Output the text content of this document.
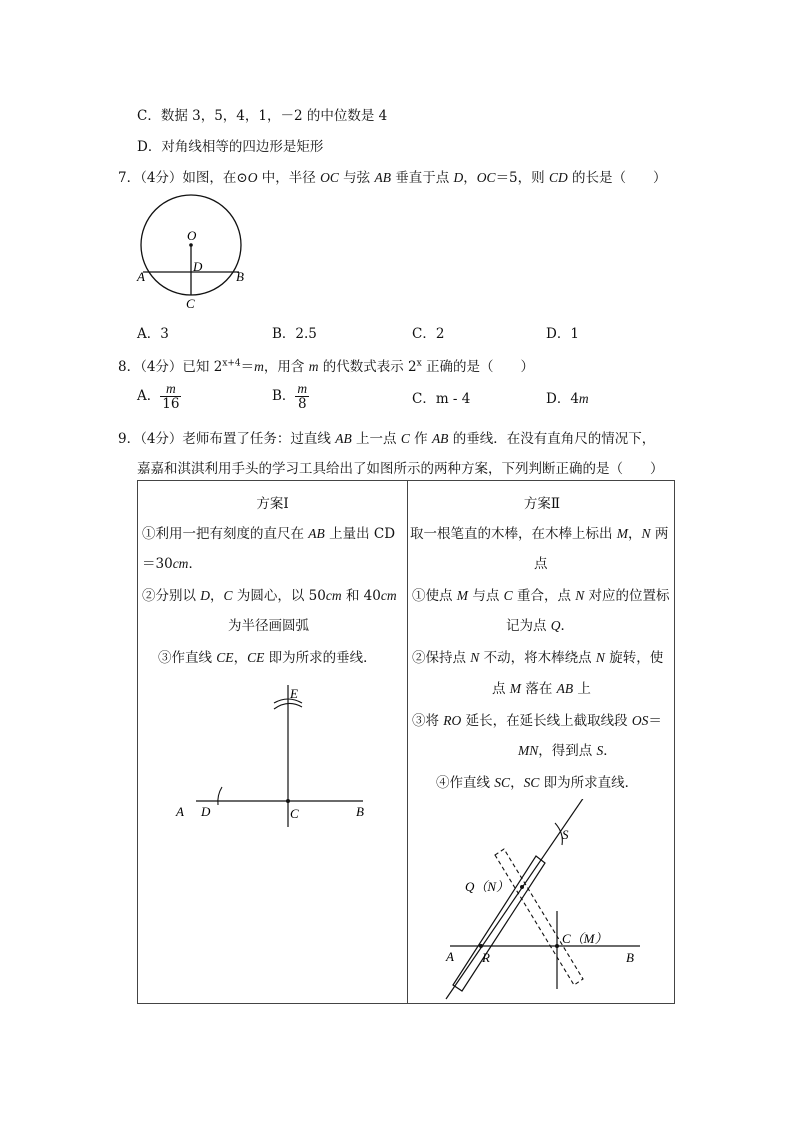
C．数据 3，5，4，1，－2 的中位数是 4
D．对角线相等的四边形是矩形
7．（4分）如图，在⊙O 中，半径 OC 与弦 AB 垂直于点 D，OC＝5，则 CD 的长是（　　）
O
D
A	B
C
A．3	B．2.5	C．2	D．1
8．（4分）已知 $2^{x+4}=m$，用含 m 的代数式表示 2$^x$ 正确的是（　　）
A． $\frac{m}{16}$	B． $\frac{m}{8}$	C．m - 4	D．4m
9．（4分）老师布置了任务：过直线 AB 上一点 C 作 AB 的垂线．在没有直角尺的情况下，
嘉嘉和淇淇利用手头的学习工具给出了如图所示的两种方案，下列判断正确的是（　　）
方案Ⅰ
①利用一把有刻度的直尺在 AB 上量出 CD
＝30cm．
②分别以 D，C 为圆心，以 50cm 和 40cm
为半径画圆弧
③作直线 CE，CE 即为所求的垂线．
E
A D	C	B
方案Ⅱ
取一根笔直的木棒，在木棒上标出 M，N 两
点
①使点 M 与点 C 重合，点 N 对应的位置标
记为点 Q．
②保持点 N 不动，将木棒绕点 N 旋转，使
点 M 落在 AB 上
③将 RO 延长，在延长线上截取线段 OS＝
MN，得到点 S．
④作直线 SC，SC 即为所求直线．
S
Q（N）
C（M）
A R	B
